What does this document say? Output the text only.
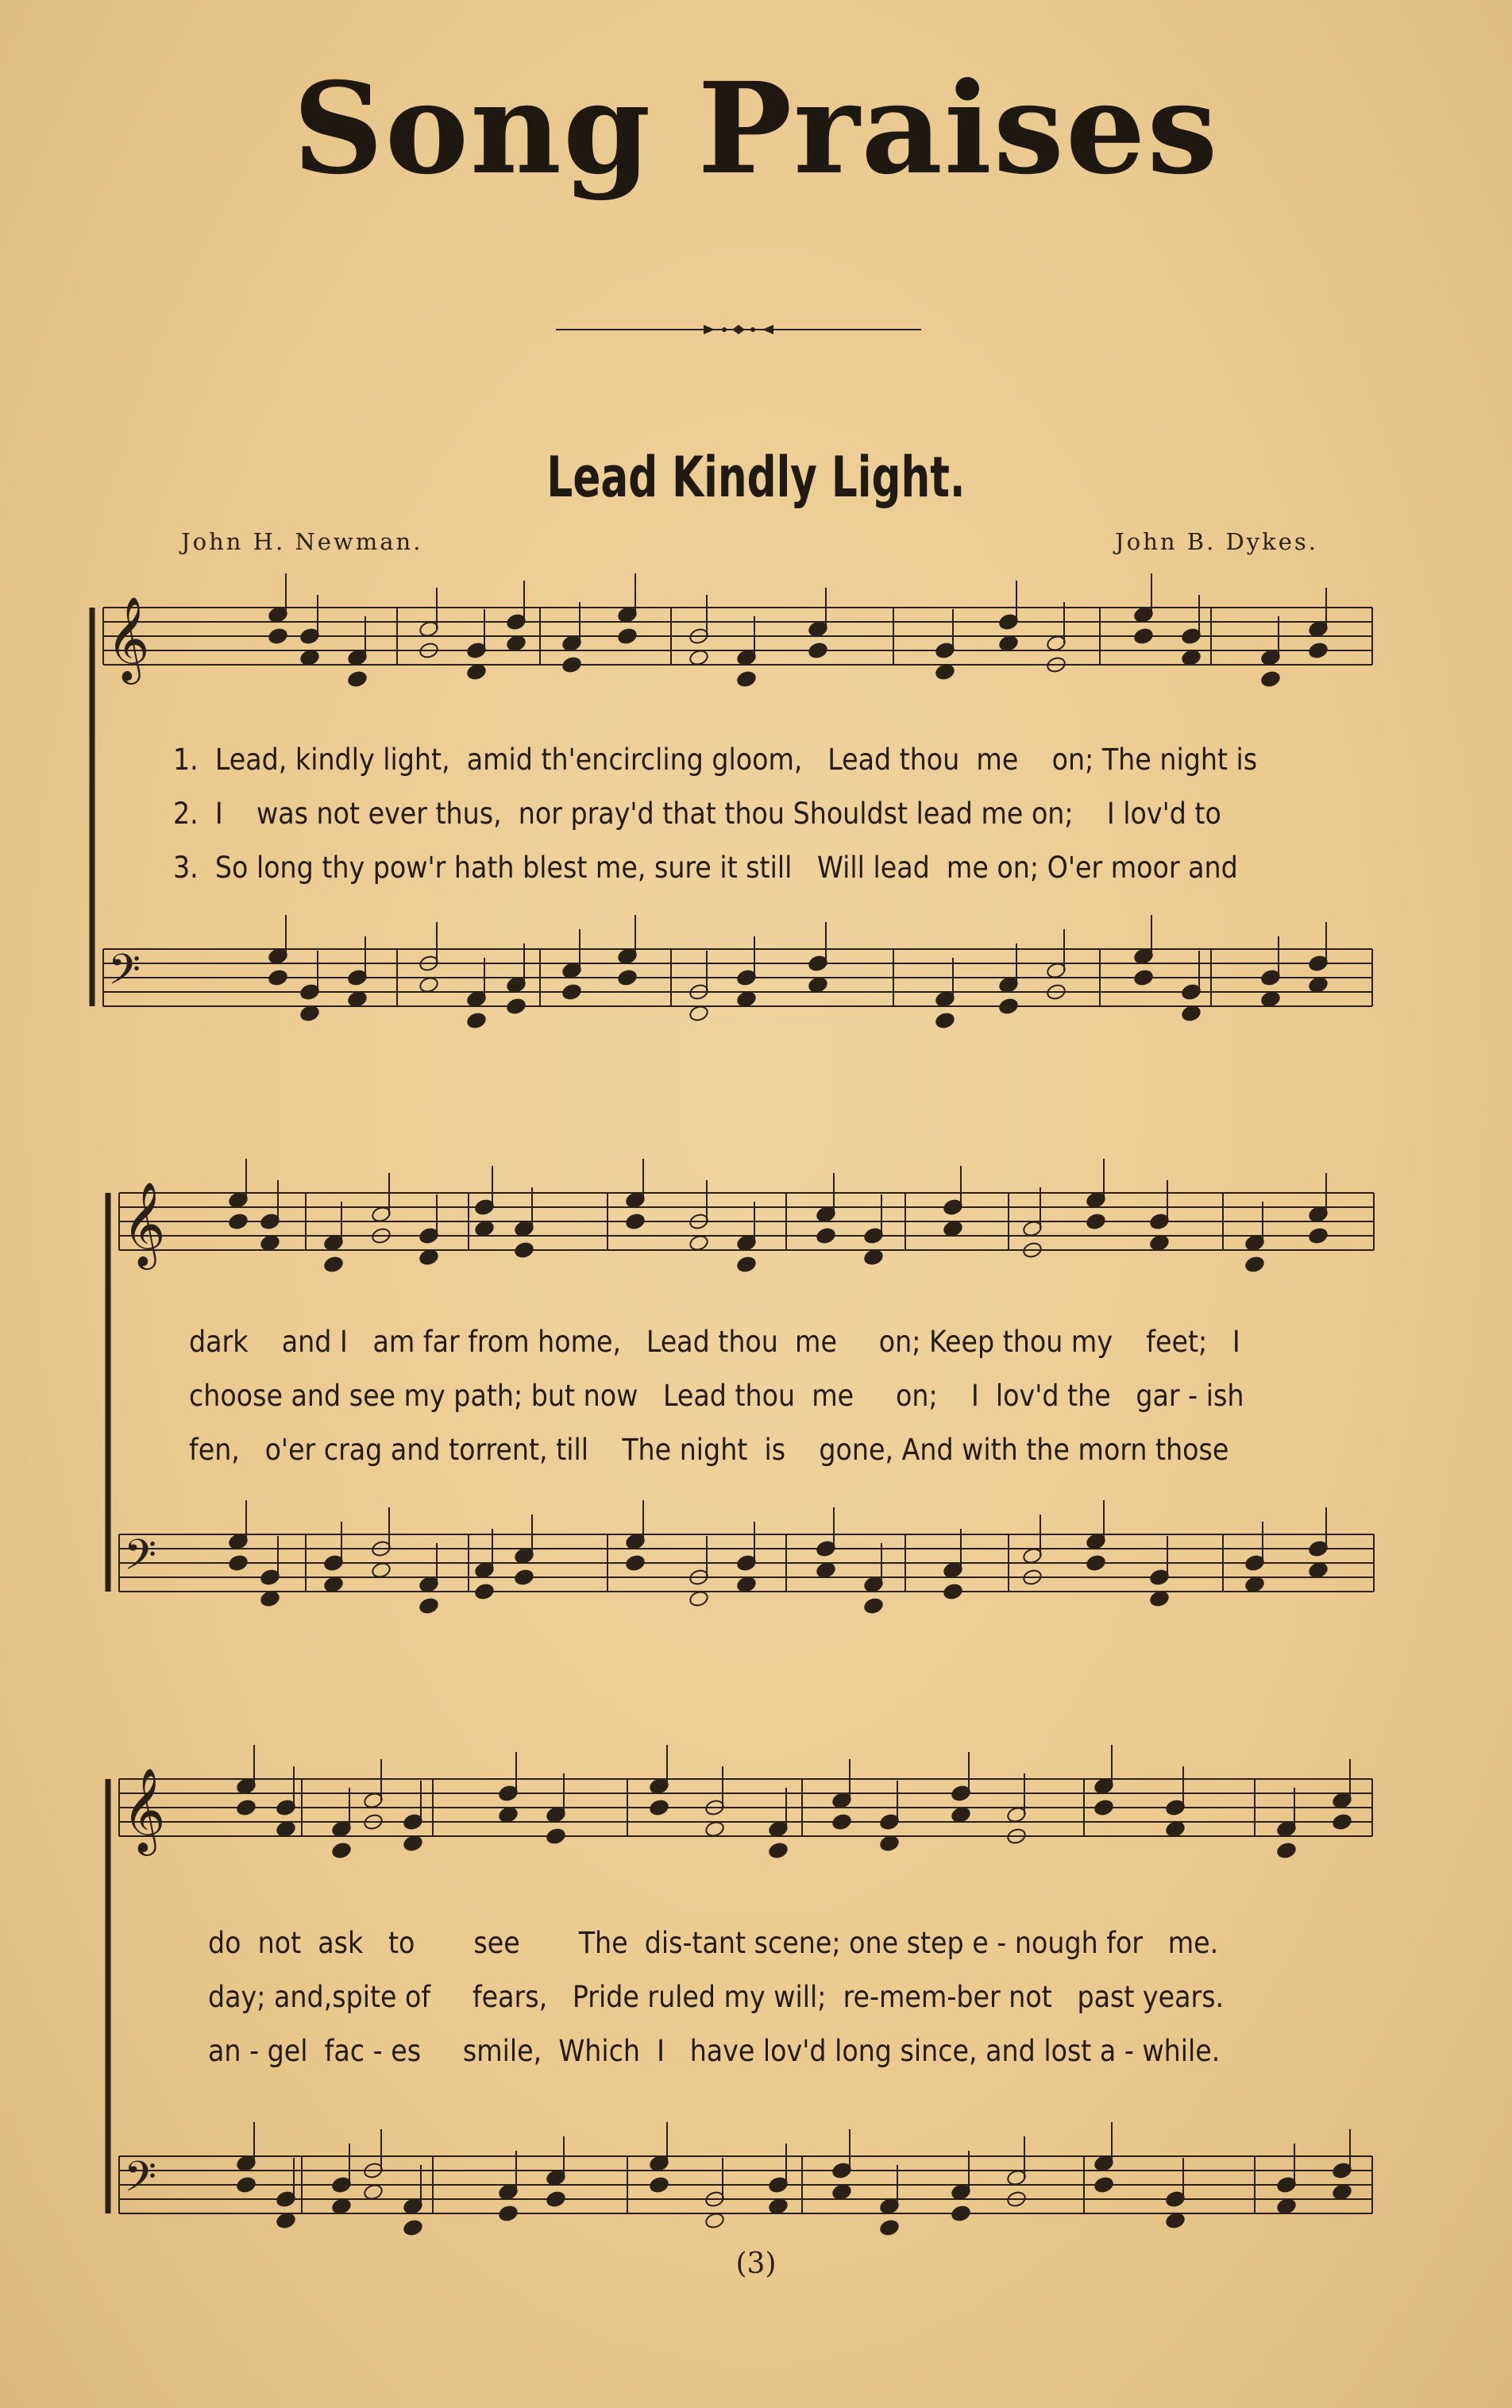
Song Praises
Lead Kindly Light.
John H. Newman.	John B. Dykes.
𝄞
𝄢
𝄞
𝄢
𝄞
𝄢
1.  Lead, kindly light,  amid th'encircling gloom,   Lead thou  me    on; The night is
2.  I    was not ever thus,  nor pray'd that thou Shouldst lead me on;    I lov'd to
3.  So long thy pow'r hath blest me, sure it still   Will lead  me on; O'er moor and
dark    and I   am far from home,   Lead thou  me     on; Keep thou my    feet;   I
choose and see my path; but now   Lead thou  me     on;    I  lov'd the   gar - ish
fen,   o'er crag and torrent, till    The night  is    gone, And with the morn those
do  not  ask   to       see       The  dis-tant scene; one step e - nough for   me.
day; and,spite of     fears,   Pride ruled my will;  re-mem-ber not   past years.
an - gel  fac - es     smile,  Which  I   have lov'd long since, and lost a - while.
(3)
